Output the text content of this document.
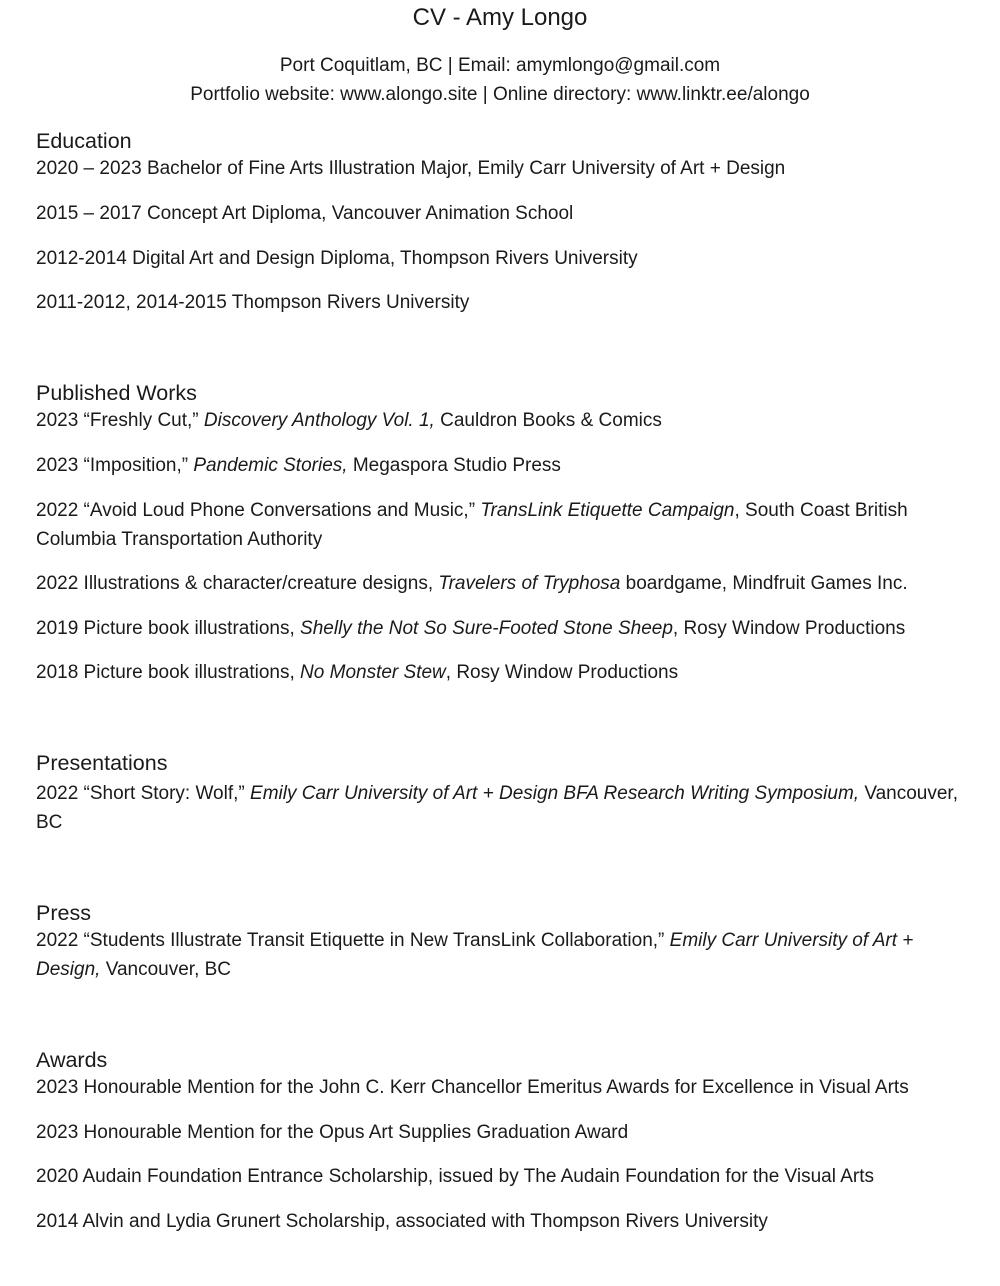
CV - Amy Longo
Port Coquitlam, BC | Email: amymlongo@gmail.com
Portfolio website: www.alongo.site | Online directory: www.linktr.ee/alongo
Education
2020 – 2023 Bachelor of Fine Arts Illustration Major, Emily Carr University of Art + Design
2015 – 2017 Concept Art Diploma, Vancouver Animation School
2012-2014 Digital Art and Design Diploma, Thompson Rivers University
2011-2012, 2014-2015 Thompson Rivers University
Published Works
2023 “Freshly Cut,” Discovery Anthology Vol. 1, Cauldron Books & Comics
2023 “Imposition,” Pandemic Stories, Megaspora Studio Press
2022 “Avoid Loud Phone Conversations and Music,” TransLink Etiquette Campaign, South Coast British Columbia Transportation Authority
2022 Illustrations & character/creature designs, Travelers of Tryphosa boardgame, Mindfruit Games Inc.
2019 Picture book illustrations, Shelly the Not So Sure-Footed Stone Sheep, Rosy Window Productions
2018 Picture book illustrations, No Monster Stew, Rosy Window Productions
Presentations
2022 “Short Story: Wolf,” Emily Carr University of Art + Design BFA Research Writing Symposium, Vancouver, BC
Press
2022 “Students Illustrate Transit Etiquette in New TransLink Collaboration,” Emily Carr University of Art + Design, Vancouver, BC
Awards
2023 Honourable Mention for the John C. Kerr Chancellor Emeritus Awards for Excellence in Visual Arts
2023 Honourable Mention for the Opus Art Supplies Graduation Award
2020 Audain Foundation Entrance Scholarship, issued by The Audain Foundation for the Visual Arts
2014 Alvin and Lydia Grunert Scholarship, associated with Thompson Rivers University
